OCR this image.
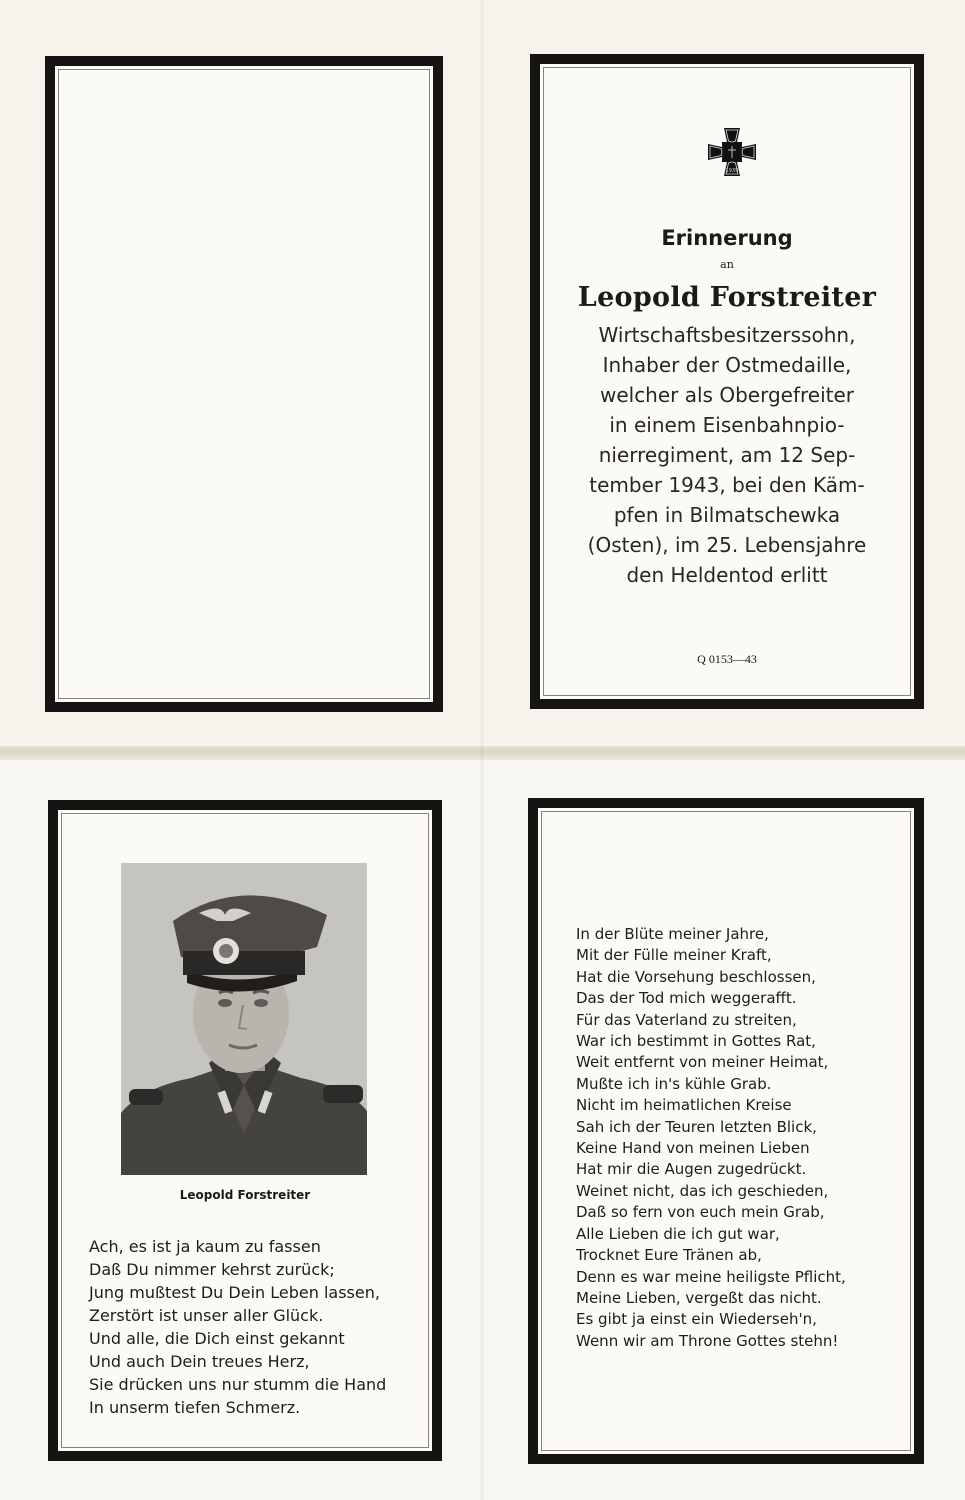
1939
Erinnerung
an
Leopold Forstreiter
Wirtschaftsbesitzerssohn,
Inhaber der Ostmedaille,
welcher als Obergefreiter
in einem Eisenbahnpio-
nierregiment, am 12 Sep-
tember 1943, bei den Käm-
pfen in Bilmatschewka
(Osten), im 25. Lebensjahre
den Heldentod erlitt
Q 0153—43
Leopold Forstreiter
Ach, es ist ja kaum zu fassen
Daß Du nimmer kehrst zurück;
Jung mußtest Du Dein Leben lassen,
Zerstört ist unser aller Glück.
Und alle, die Dich einst gekannt
Und auch Dein treues Herz,
Sie drücken uns nur stumm die Hand
In unserm tiefen Schmerz.
In der Blüte meiner Jahre,
Mit der Fülle meiner Kraft,
Hat die Vorsehung beschlossen,
Das der Tod mich weggerafft.
Für das Vaterland zu streiten,
War ich bestimmt in Gottes Rat,
Weit entfernt von meiner Heimat,
Mußte ich in's kühle Grab.
Nicht im heimatlichen Kreise
Sah ich der Teuren letzten Blick,
Keine Hand von meinen Lieben
Hat mir die Augen zugedrückt.
Weinet nicht, das ich geschieden,
Daß so fern von euch mein Grab,
Alle Lieben die ich gut war,
Trocknet Eure Tränen ab,
Denn es war meine heiligste Pflicht,
Meine Lieben, vergeßt das nicht.
Es gibt ja einst ein Wiederseh'n,
Wenn wir am Throne Gottes stehn!
